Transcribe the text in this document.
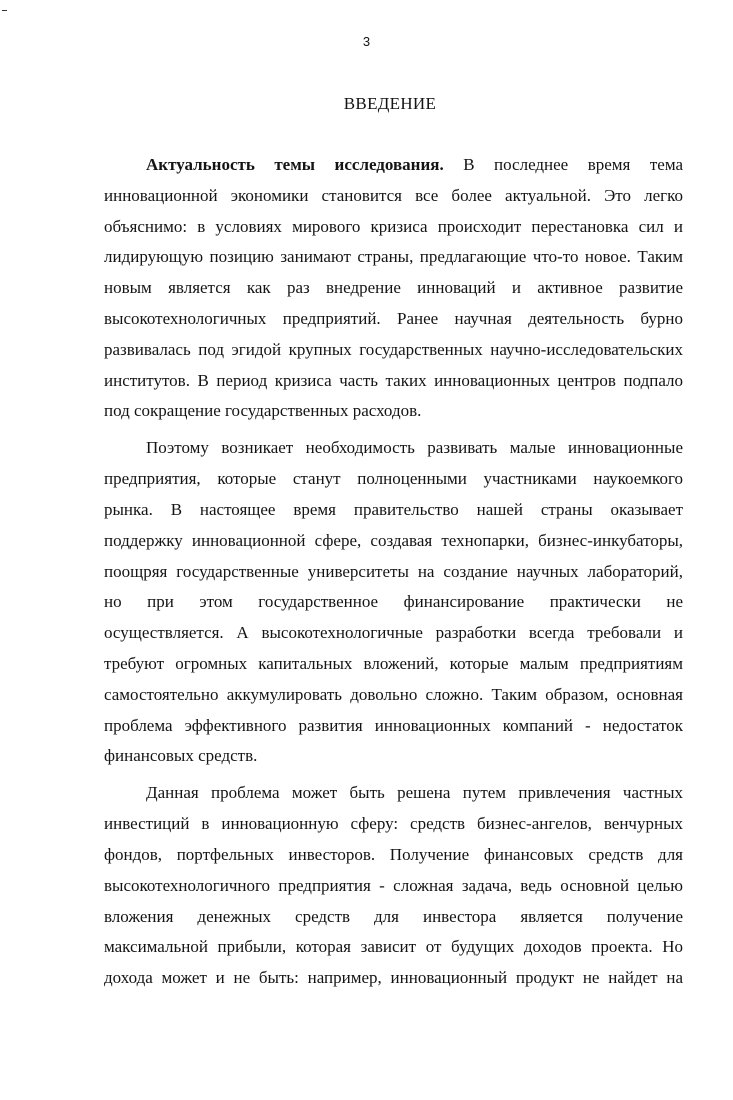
3
ВВЕДЕНИЕ
Актуальность темы исследования. В последнее время тема
инновационной экономики становится все более актуальной. Это легко
объяснимо: в условиях мирового кризиса происходит перестановка сил и
лидирующую позицию занимают страны, предлагающие что-то новое. Таким
новым является как раз внедрение инноваций и активное развитие
высокотехнологичных предприятий. Ранее научная деятельность бурно
развивалась под эгидой крупных государственных научно-исследовательских
институтов. В период кризиса часть таких инновационных центров подпало
под сокращение государственных расходов.
Поэтому возникает необходимость развивать малые инновационные
предприятия, которые станут полноценными участниками наукоемкого
рынка. В настоящее время правительство нашей страны оказывает
поддержку инновационной сфере, создавая технопарки, бизнес-инкубаторы,
поощряя государственные университеты на создание научных лабораторий,
но при этом государственное финансирование практически не
осуществляется. А высокотехнологичные разработки всегда требовали и
требуют огромных капитальных вложений, которые малым предприятиям
самостоятельно аккумулировать довольно сложно. Таким образом, основная
проблема эффективного развития инновационных компаний - недостаток
финансовых средств.
Данная проблема может быть решена путем привлечения частных
инвестиций в инновационную сферу: средств бизнес-ангелов, венчурных
фондов, портфельных инвесторов. Получение финансовых средств для
высокотехнологичного предприятия - сложная задача, ведь основной целью
вложения денежных средств для инвестора является получение
максимальной прибыли, которая зависит от будущих доходов проекта. Но
дохода может и не быть: например, инновационный продукт не найдет на
